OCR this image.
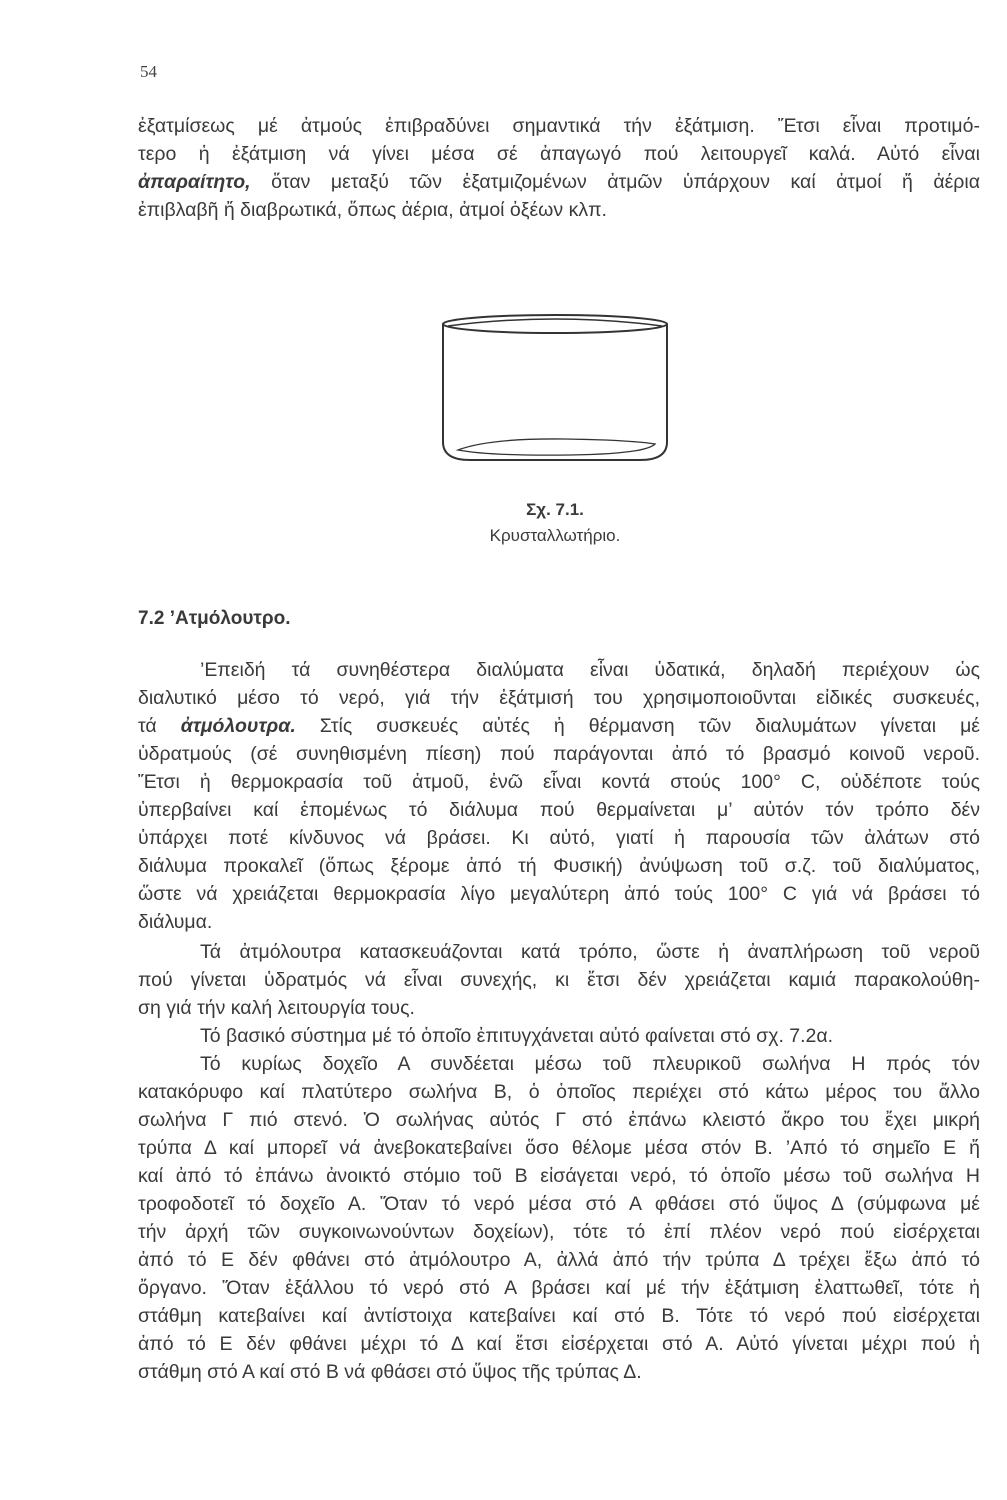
54

ἐξατμίσεως μέ ἀτμούς ἐπιβραδύνει σημαντικά τήν ἐξάτμιση. Ἔτσι εἶναι προτιμό-
τερο ἡ ἐξάτμιση νά γίνει μέσα σέ ἀπαγωγό πού λειτουργεῖ καλά. Αὐτό εἶναι
ἀπαραίτητο, ὅταν μεταξύ τῶν ἐξατμιζομένων ἀτμῶν ὑπάρχουν καί ἀτμοί ἤ ἀέρια
ἐπιβλαβῆ ἤ διαβρωτικά, ὅπως ἀέρια, ἀτμοί ὀξέων κλπ.

Σχ. 7.1.

Κρυσταλλωτήριο.

7.2 ’Ατμόλουτρο.

’Επειδή τά συνηθέστερα διαλύματα εἶναι ὑδατικά, δηλαδή περιέχουν ὡς
διαλυτικό μέσο τό νερό, γιά τήν ἐξάτμισή του χρησιμοποιοῦνται εἰδικές συσκευές,
τά ἀτμόλουτρα. Στίς συσκευές αὐτές ἡ θέρμανση τῶν διαλυμάτων γίνεται μέ
ὑδρατμούς (σέ συνηθισμένη πίεση) πού παράγονται ἀπό τό βρασμό κοινοῦ νεροῦ.
Ἔτσι ἡ θερμοκρασία τοῦ ἀτμοῦ, ἐνῶ εἶναι κοντά στούς 100° C, οὐδέποτε τούς
ὑπερβαίνει καί ἑπομένως τό διάλυμα πού θερμαίνεται μ’ αὐτόν τόν τρόπο δέν
ὑπάρχει ποτέ κίνδυνος νά βράσει. Κι αὐτό, γιατί ἡ παρουσία τῶν ἀλάτων στό
διάλυμα προκαλεῖ (ὅπως ξέρομε ἀπό τή Φυσική) ἀνύψωση τοῦ σ.ζ. τοῦ διαλύματος,
ὥστε νά χρειάζεται θερμοκρασία λίγο μεγαλύτερη ἀπό τούς 100° C γιά νά βράσει τό
διάλυμα.

Τά ἀτμόλουτρα κατασκευάζονται κατά τρόπο, ὥστε ἡ ἀναπλήρωση τοῦ νεροῦ
πού γίνεται ὑδρατμός νά εἶναι συνεχής, κι ἔτσι δέν χρειάζεται καμιά παρακολούθη-
ση γιά τήν καλή λειτουργία τους.

Τό βασικό σύστημα μέ τό ὁποῖο ἐπιτυγχάνεται αὐτό φαίνεται στό σχ. 7.2α.

Τό κυρίως δοχεῖο Α συνδέεται μέσω τοῦ πλευρικοῦ σωλήνα Η πρός τόν
κατακόρυφο καί πλατύτερο σωλήνα Β, ὁ ὁποῖος περιέχει στό κάτω μέρος του ἄλλο
σωλήνα Γ πιό στενό. Ὁ σωλήνας αὐτός Γ στό ἐπάνω κλειστό ἄκρο του ἔχει μικρή
τρύπα Δ καί μπορεῖ νά ἀνεβοκατεβαίνει ὅσο θέλομε μέσα στόν Β. ’Από τό σημεῖο Ε ἤ
καί ἀπό τό ἐπάνω ἀνοικτό στόμιο τοῦ Β εἰσάγεται νερό, τό ὁποῖο μέσω τοῦ σωλήνα Η
τροφοδοτεῖ τό δοχεῖο Α. Ὅταν τό νερό μέσα στό Α φθάσει στό ὕψος Δ (σύμφωνα μέ
τήν ἀρχή τῶν συγκοινωνούντων δοχείων), τότε τό ἐπί πλέον νερό πού εἰσέρχεται
ἀπό τό Ε δέν φθάνει στό ἀτμόλουτρο Α, ἀλλά ἀπό τήν τρύπα Δ τρέχει ἔξω ἀπό τό
ὄργανο. Ὅταν ἐξάλλου τό νερό στό Α βράσει καί μέ τήν ἐξάτμιση ἐλαττωθεῖ, τότε ἡ
στάθμη κατεβαίνει καί ἀντίστοιχα κατεβαίνει καί στό Β. Τότε τό νερό πού εἰσέρχεται
ἀπό τό Ε δέν φθάνει μέχρι τό Δ καί ἔτσι εἰσέρχεται στό Α. Αὐτό γίνεται μέχρι πού ἡ
στάθμη στό Α καί στό Β νά φθάσει στό ὕψος τῆς τρύπας Δ.
